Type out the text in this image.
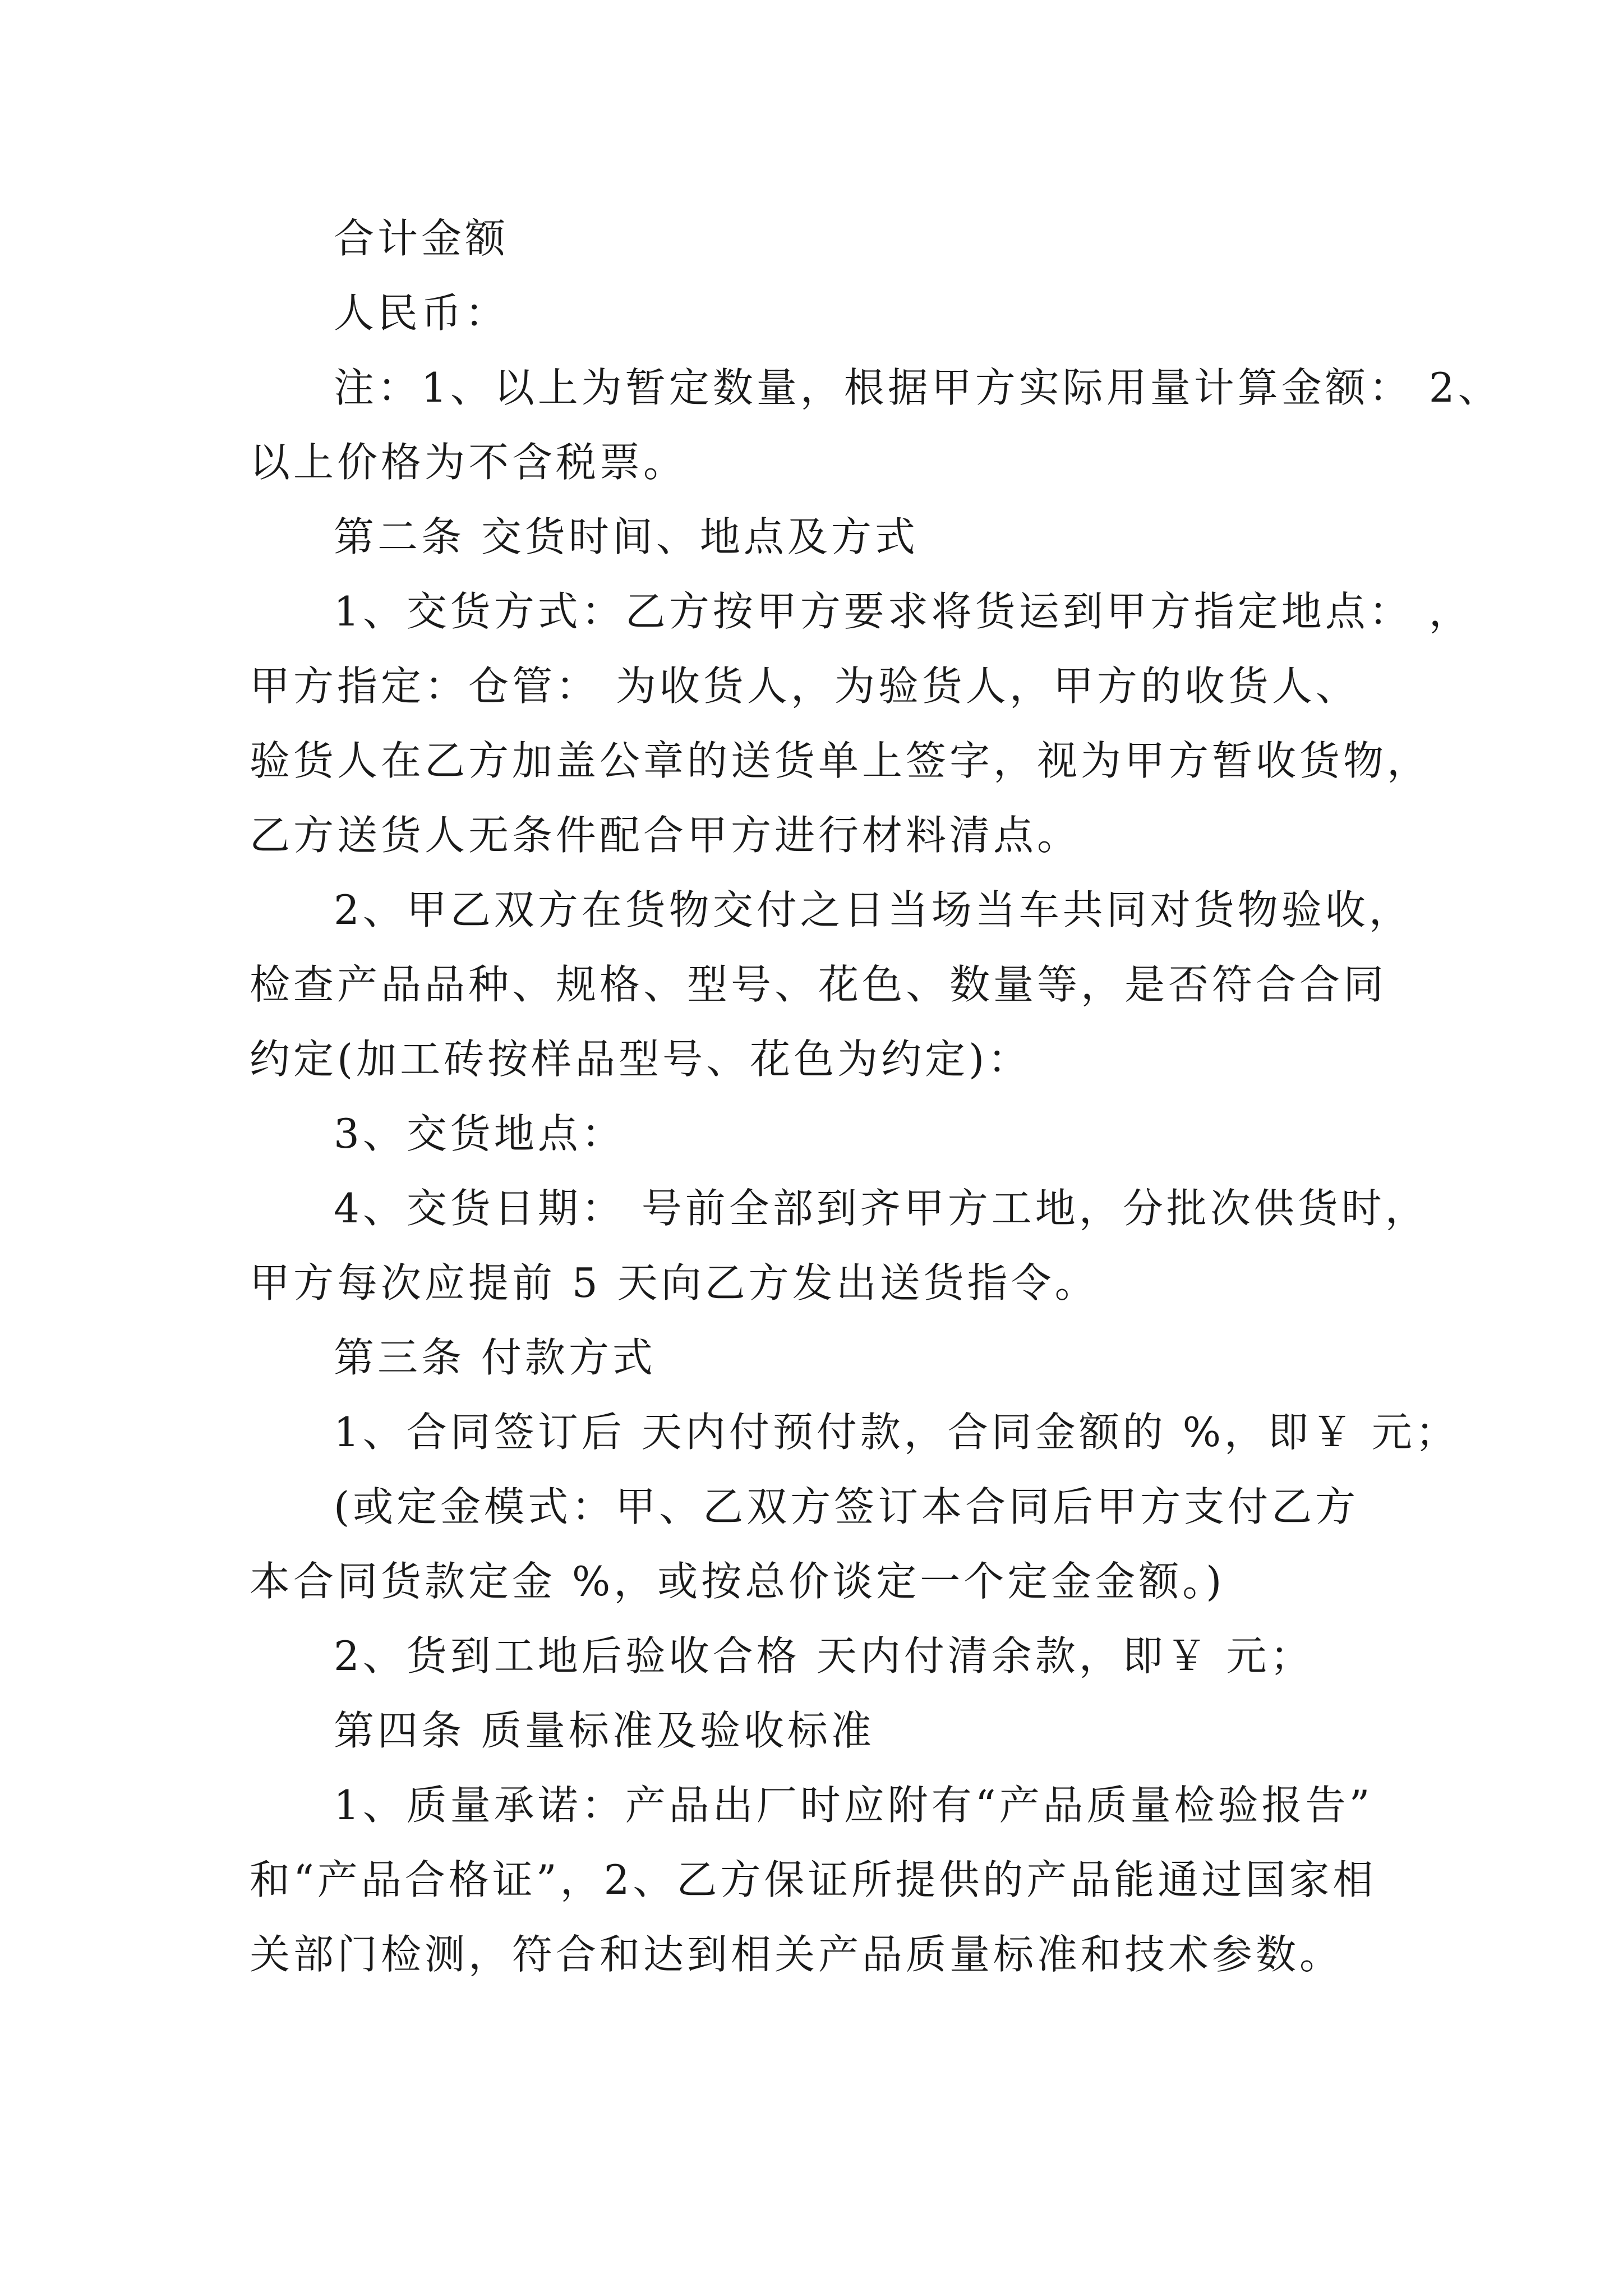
合计金额

人民币：

注：1、以上为暂定数量，根据甲方实际用量计算金额： 2、

以上价格为不含税票。

第二条 交货时间、地点及方式

1、交货方式：乙方按甲方要求将货运到甲方指定地点： ，

甲方指定：仓管： 为收货人，为验货人，甲方的收货人、

验货人在乙方加盖公章的送货单上签字，视为甲方暂收货物，

乙方送货人无条件配合甲方进行材料清点。

2、甲乙双方在货物交付之日当场当车共同对货物验收，

检查产品品种、规格、型号、花色、数量等，是否符合合同

约定(加工砖按样品型号、花色为约定)：

3、交货地点：

4、交货日期： 号前全部到齐甲方工地，分批次供货时，

甲方每次应提前 5 天向乙方发出送货指令。

第三条 付款方式

1、合同签订后 天内付预付款，合同金额的 %，即￥ 元；

(或定金模式：甲、乙双方签订本合同后甲方支付乙方

本合同货款定金 %，或按总价谈定一个定金金额。)

2、货到工地后验收合格 天内付清余款，即￥ 元；

第四条 质量标准及验收标准

1、质量承诺：产品出厂时应附有“产品质量检验报告”

和“产品合格证”，2、乙方保证所提供的产品能通过国家相

关部门检测，符合和达到相关产品质量标准和技术参数。
